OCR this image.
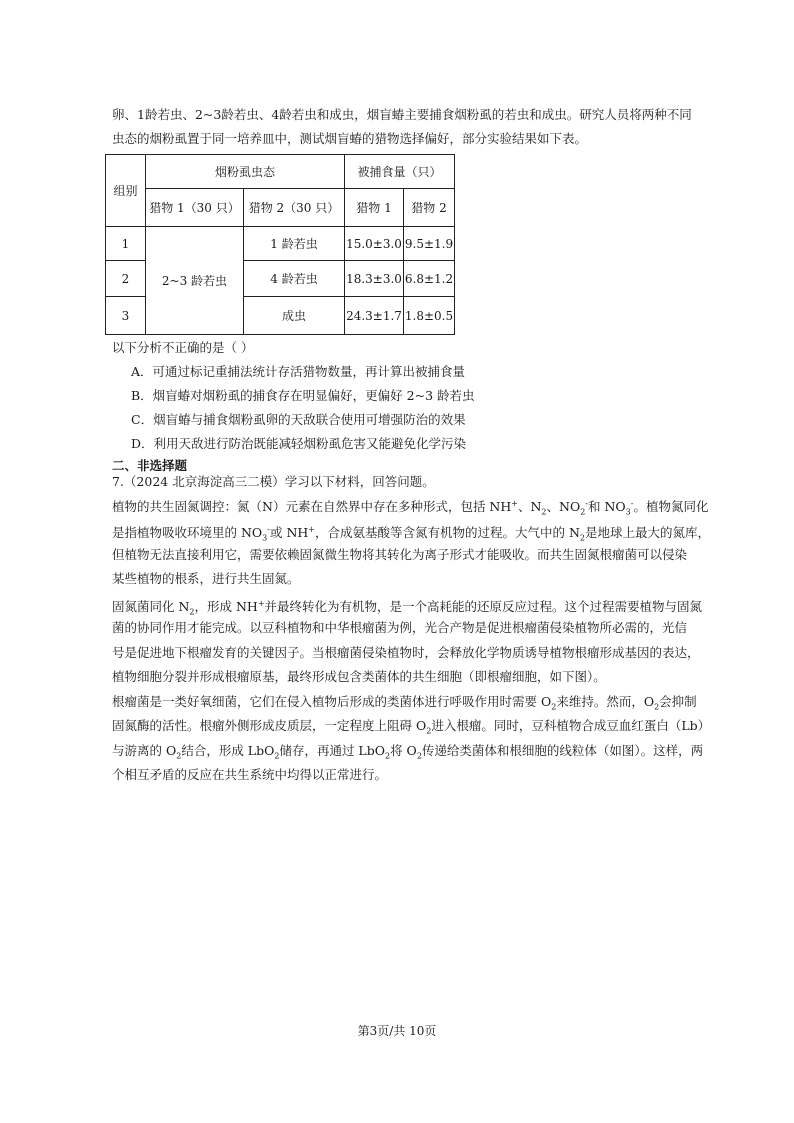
卵、1龄若虫、2~3龄若虫、4龄若虫和成虫，烟盲蝽主要捕食烟粉虱的若虫和成虫。研究人员将两种不同
虫态的烟粉虱置于同一培养皿中，测试烟盲蝽的猎物选择偏好，部分实验结果如下表。
组别	烟粉虱虫态		被捕食量（只）	
	猎物 1（30 只）	猎物 2（30 只）	猎物 1	猎物 2
1	2~3 龄若虫	1 龄若虫	15.0±3.0	9.5±1.9
2		4 龄若虫	18.3±3.0	6.8±1.2
3		成虫	24.3±1.7	1.8±0.5
以下分析不正 ·确 ·的是（ ）
A．可通过标记重捕法统计存活猎物数量，再计算出被捕食量
B．烟盲蝽对烟粉虱的捕食存在明显偏好，更偏好 2~3 龄若虫
C．烟盲蝽与捕食烟粉虱卵的天敌联合使用可增强防治的效果
D．利用天敌进行防治既能减轻烟粉虱危害又能避免化学污染
二、非选择题
7.（2024 北京海淀高三二模）学习以下材料，回答问题。
植物的共生固氮调控：氮（N）元素在自然界中存在多种形式，包括 NH+、$N_2$、$NO_2^-$和 $NO_3^-$。植物氮同化
是指植物吸收环境里的 $NO_3^-$或 NH+，合成氨基酸等含氮有机物的过程。大气中的 $N_2$是地球上最大的氮库，
但植物无法直接利用它，需要依赖固氮微生物将其转化为离子形式才能吸收。而共生固氮根瘤菌可以侵染
某些植物的根系，进行共生固氮。
固氮菌同化 $N_2$，形成 NH+并最终转化为有机物，是一个高耗能的还原反应过程。这个过程需要植物与固氮
菌的协同作用才能完成。以豆科植物和中华根瘤菌为例，光合产物是促进根瘤菌侵染植物所必需的，光信
号是促进地下根瘤发育的关键因子。当根瘤菌侵染植物时，会释放化学物质诱导植物根瘤形成基因的表达，
植物细胞分裂并形成根瘤原基，最终形成包含类菌体的共生细胞（即根瘤细胞，如下图）。
根瘤菌是一类好氧细菌，它们在侵入植物后形成的类菌体进行呼吸作用时需要 $O_2$来维持。然而，$O_2$会抑制
固氮酶的活性。根瘤外侧形成皮质层，一定程度上阻碍 $O_2$进入根瘤。同时，豆科植物合成豆血红蛋白（Lb）
与游离的 $O_2$结合，形成 LbO$_2$储存，再通过 LbO$_2$将 $O_2$传递给类菌体和根细胞的线粒体（如图）。这样，两
个相互矛盾的反应在共生系统中均得以正常进行。
第3页/共 10页
